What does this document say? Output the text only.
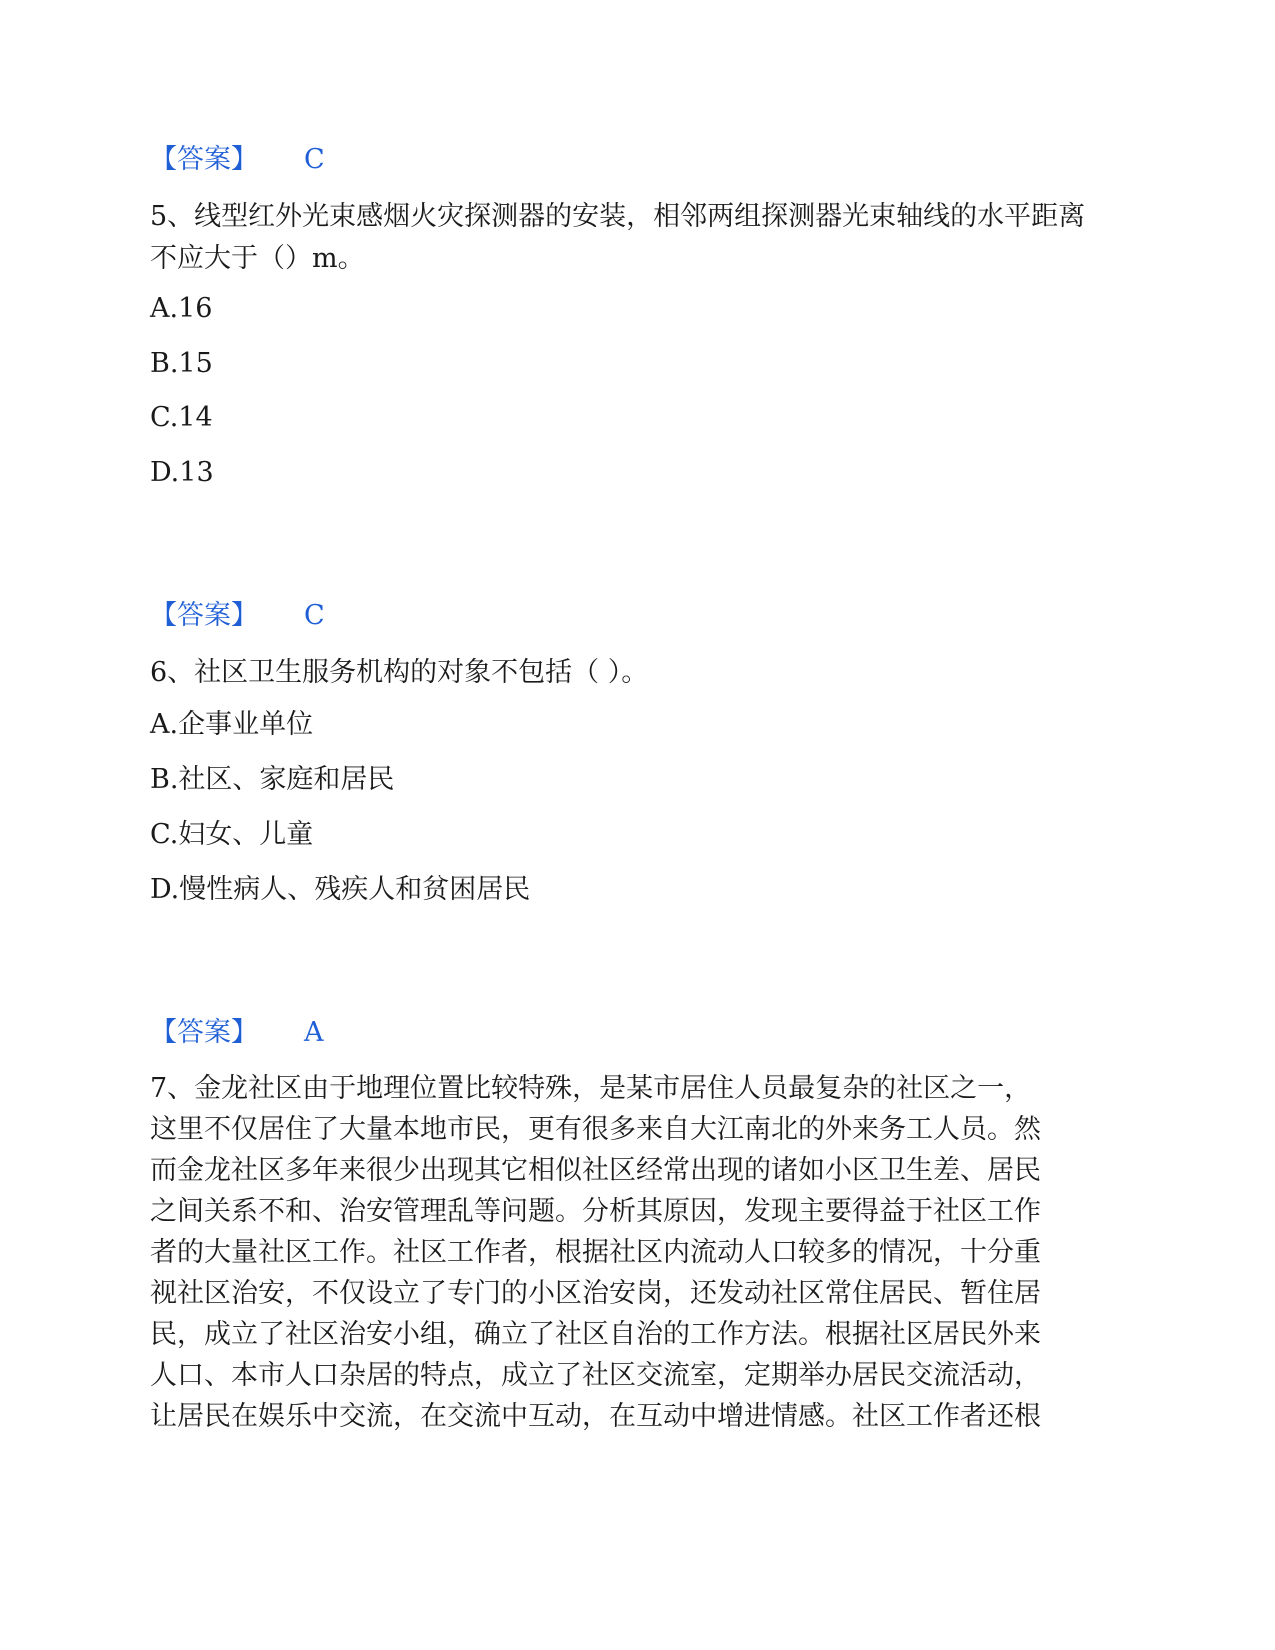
【答案】 C
5、线型红外光束感烟火灾探测器的安装，相邻两组探测器光束轴线的水平距离不应大于（）m。
A.16
B.15
C.14
D.13
【答案】 C
6、社区卫生服务机构的对象不包括（ ）。
A.企事业单位
B.社区、家庭和居民
C.妇女、儿童
D.慢性病人、残疾人和贫困居民
【答案】 A
7、金龙社区由于地理位置比较特殊，是某市居住人员最复杂的社区之一，
这里不仅居住了大量本地市民，更有很多来自大江南北的外来务工人员。然
而金龙社区多年来很少出现其它相似社区经常出现的诸如小区卫生差、居民
之间关系不和、治安管理乱等问题。分析其原因，发现主要得益于社区工作
者的大量社区工作。社区工作者，根据社区内流动人口较多的情况，十分重
视社区治安，不仅设立了专门的小区治安岗，还发动社区常住居民、暂住居
民，成立了社区治安小组，确立了社区自治的工作方法。根据社区居民外来
人口、本市人口杂居的特点，成立了社区交流室，定期举办居民交流活动，
让居民在娱乐中交流，在交流中互动，在互动中增进情感。社区工作者还根
